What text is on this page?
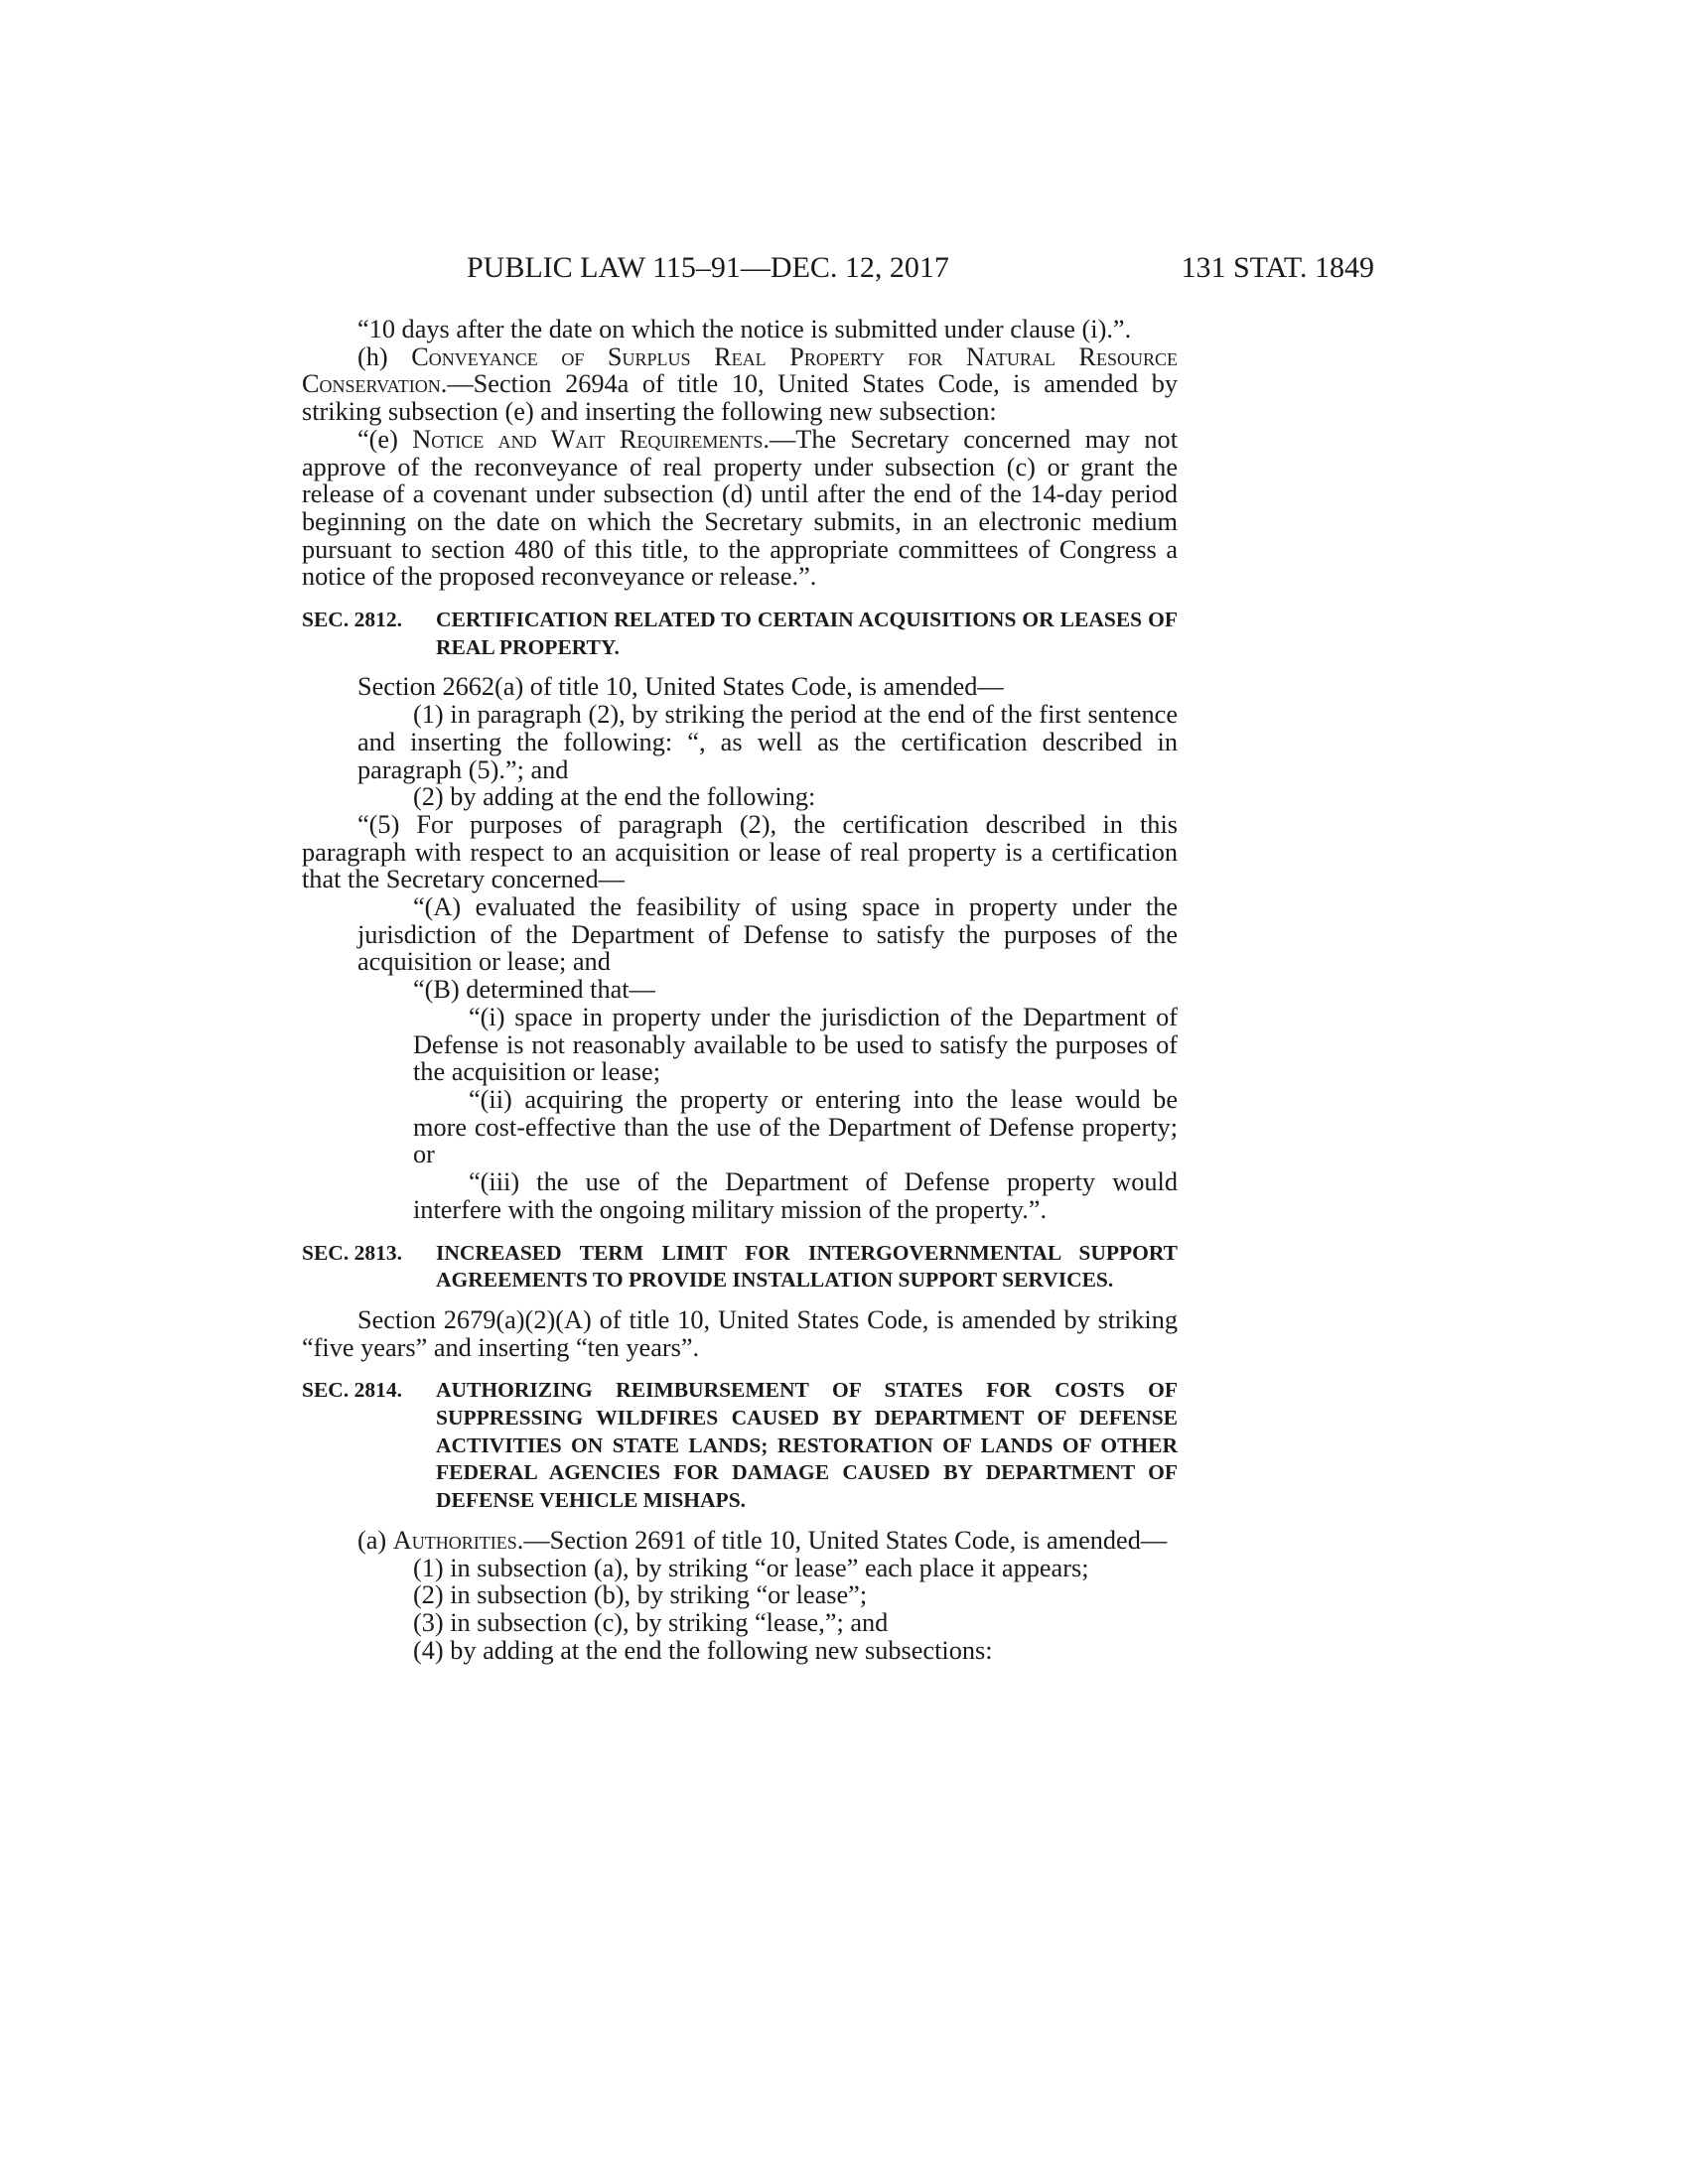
PUBLIC LAW 115–91—DEC. 12, 2017	131 STAT. 1849

“10 days after the date on which the notice is submitted under clause (i).”.

(h) Conveyance of Surplus Real Property for Natural Resource Conservation.—Section 2694a of title 10, United States Code, is amended by striking subsection (e) and inserting the following new subsection:

“(e) Notice and Wait Requirements.—The Secretary concerned may not approve of the reconveyance of real property under subsection (c) or grant the release of a covenant under subsection (d) until after the end of the 14-day period beginning on the date on which the Secretary submits, in an electronic medium pursuant to section 480 of this title, to the appropriate committees of Congress a notice of the proposed reconveyance or release.”.

SEC. 2812.	CERTIFICATION RELATED TO CERTAIN ACQUISITIONS OR LEASES OF REAL PROPERTY.

Section 2662(a) of title 10, United States Code, is amended—

(1) in paragraph (2), by striking the period at the end of the first sentence and inserting the following: “, as well as the certification described in paragraph (5).”; and

(2) by adding at the end the following:

“(5) For purposes of paragraph (2), the certification described in this paragraph with respect to an acquisition or lease of real property is a certification that the Secretary concerned—

“(A) evaluated the feasibility of using space in property under the jurisdiction of the Department of Defense to satisfy the purposes of the acquisition or lease; and

“(B) determined that—

“(i) space in property under the jurisdiction of the Department of Defense is not reasonably available to be used to satisfy the purposes of the acquisition or lease;

“(ii) acquiring the property or entering into the lease would be more cost-effective than the use of the Department of Defense property; or

“(iii) the use of the Department of Defense property would interfere with the ongoing military mission of the property.”.

SEC. 2813.	INCREASED TERM LIMIT FOR INTERGOVERNMENTAL SUPPORT AGREEMENTS TO PROVIDE INSTALLATION SUPPORT SERVICES.

Section 2679(a)(2)(A) of title 10, United States Code, is amended by striking “five years” and inserting “ten years”.

SEC. 2814.	AUTHORIZING REIMBURSEMENT OF STATES FOR COSTS OF SUPPRESSING WILDFIRES CAUSED BY DEPARTMENT OF DEFENSE ACTIVITIES ON STATE LANDS; RESTORATION OF LANDS OF OTHER FEDERAL AGENCIES FOR DAMAGE CAUSED BY DEPARTMENT OF DEFENSE VEHICLE MISHAPS.

(a) Authorities.—Section 2691 of title 10, United States Code, is amended—

(1) in subsection (a), by striking “or lease” each place it appears;

(2) in subsection (b), by striking “or lease”;

(3) in subsection (c), by striking “lease,”; and

(4) by adding at the end the following new subsections:
